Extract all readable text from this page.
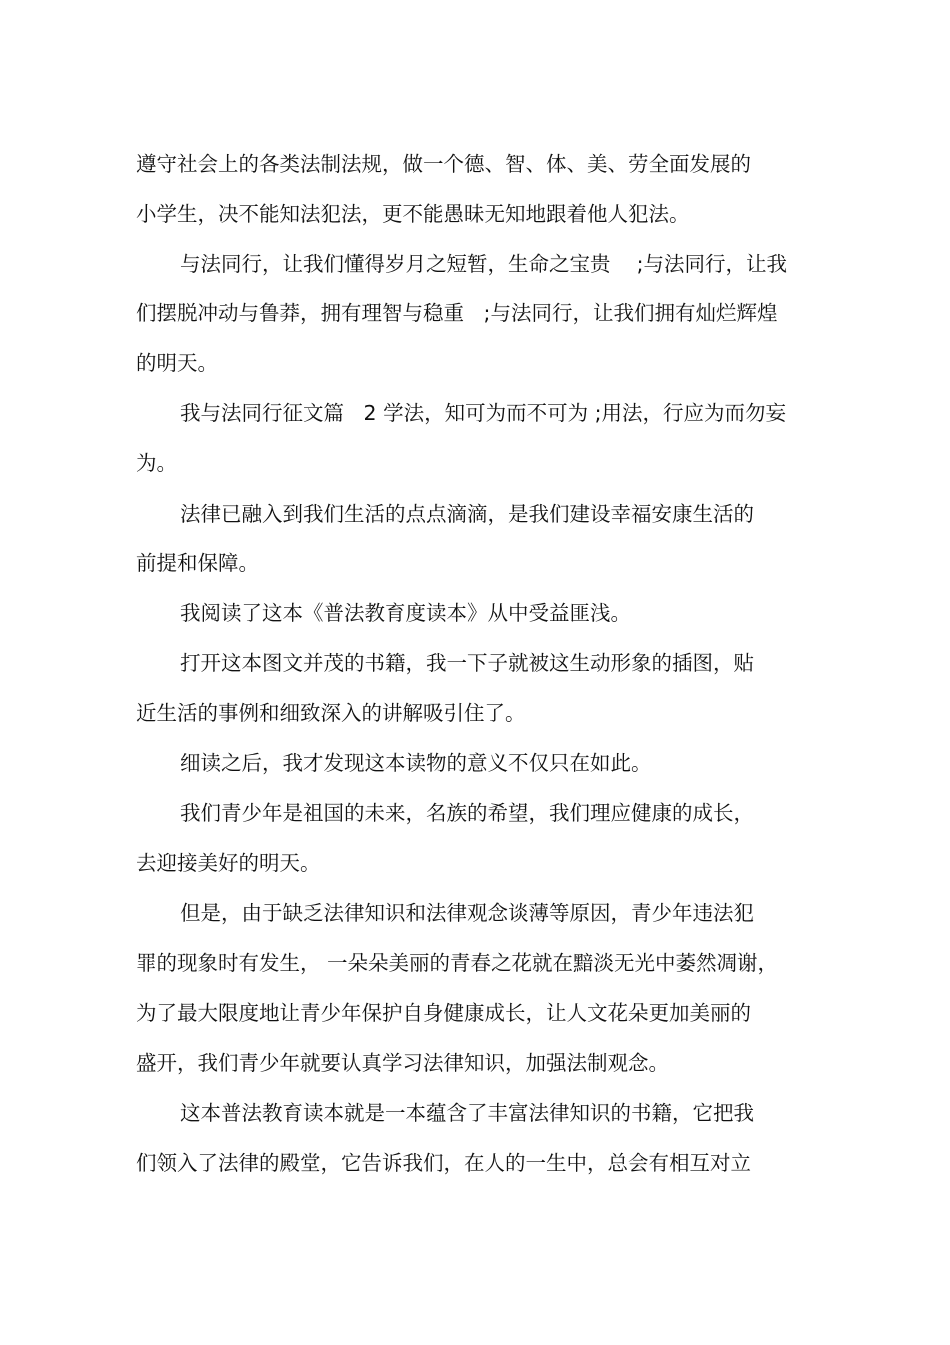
遵守社会上的各类法制法规，做一个德、智、体、美、劳全面发展的

小学生，决不能知法犯法，更不能愚昧无知地跟着他人犯法。

与法同行，让我们懂得岁月之短暂，生命之宝贵    ;与法同行，让我

们摆脱冲动与鲁莽，拥有理智与稳重   ;与法同行，让我们拥有灿烂辉煌

的明天。

我与法同行征文篇   2 学法，知可为而不可为 ;用法，行应为而勿妄

为。

法律已融入到我们生活的点点滴滴，是我们建设幸福安康生活的

前提和保障。

我阅读了这本《普法教育度读本》从中受益匪浅。

打开这本图文并茂的书籍，我一下子就被这生动形象的插图，贴

近生活的事例和细致深入的讲解吸引住了。

细读之后，我才发现这本读物的意义不仅只在如此。

我们青少年是祖国的未来，名族的希望，我们理应健康的成长，

去迎接美好的明天。

但是，由于缺乏法律知识和法律观念谈薄等原因，青少年违法犯

罪的现象时有发生， 一朵朵美丽的青春之花就在黯淡无光中萎然凋谢，

为了最大限度地让青少年保护自身健康成长，让人文花朵更加美丽的

盛开，我们青少年就要认真学习法律知识，加强法制观念。

这本普法教育读本就是一本蕴含了丰富法律知识的书籍，它把我

们领入了法律的殿堂，它告诉我们，在人的一生中，总会有相互对立
